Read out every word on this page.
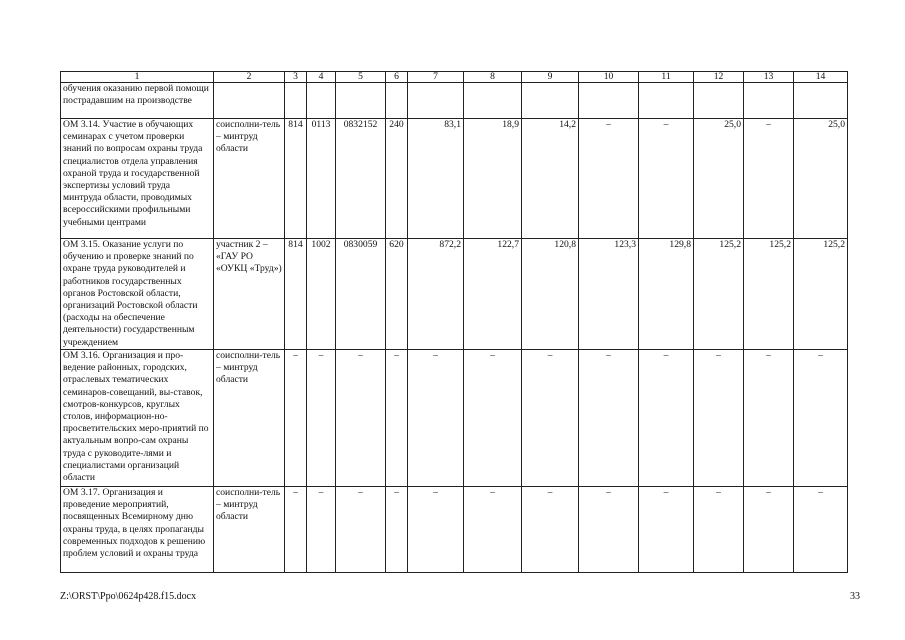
1	2	3	4	5	6	7	8	9	10	11	12	13	14
обучения оказанию первой помощи пострадавшим на производстве													
ОМ 3.14. Участие в обучающих семинарах с учетом проверки знаний по вопросам охраны труда специалистов отдела управления охраной труда и государственной экспертизы условий труда минтруда области, проводимых всероссийскими профильными учебными центрами	соисполни-тель – минтруд области	814	0113	0832152	240	83,1	18,9	14,2	–	–	25,0	–	25,0
ОМ 3.15. Оказание услуги по обучению и проверке знаний по охране труда руководителей и работников государственных органов Ростовской области, организаций Ростовской области (расходы на обеспечение деятельности) государственным учреждением	участник 2 – «ГАУ РО «ОУКЦ «Труд»)	814	1002	0830059	620	872,2	122,7	120,8	123,3	129,8	125,2	125,2	125,2
ОМ 3.16. Организация и про-ведение районных, городских, отраслевых тематических семинаров-совещаний, вы-ставок, смотров-конкурсов, круглых столов, информацион-но-просветительских меро-приятий по актуальным вопро-сам охраны труда с руководите-лями и специалистами организаций области	соисполни-тель – минтруд области	–	–	–	–	–	–	–	–	–	–	–	–
ОМ 3.17. Организация и проведение мероприятий, посвященных Всемирному дню охраны труда, в целях пропаганды современных подходов к решению проблем условий и охраны труда	соисполни-тель – минтруд области	–	–	–	–	–	–	–	–	–	–	–	–
Z:\ORST\Ppo\0624p428.f15.docx	33
